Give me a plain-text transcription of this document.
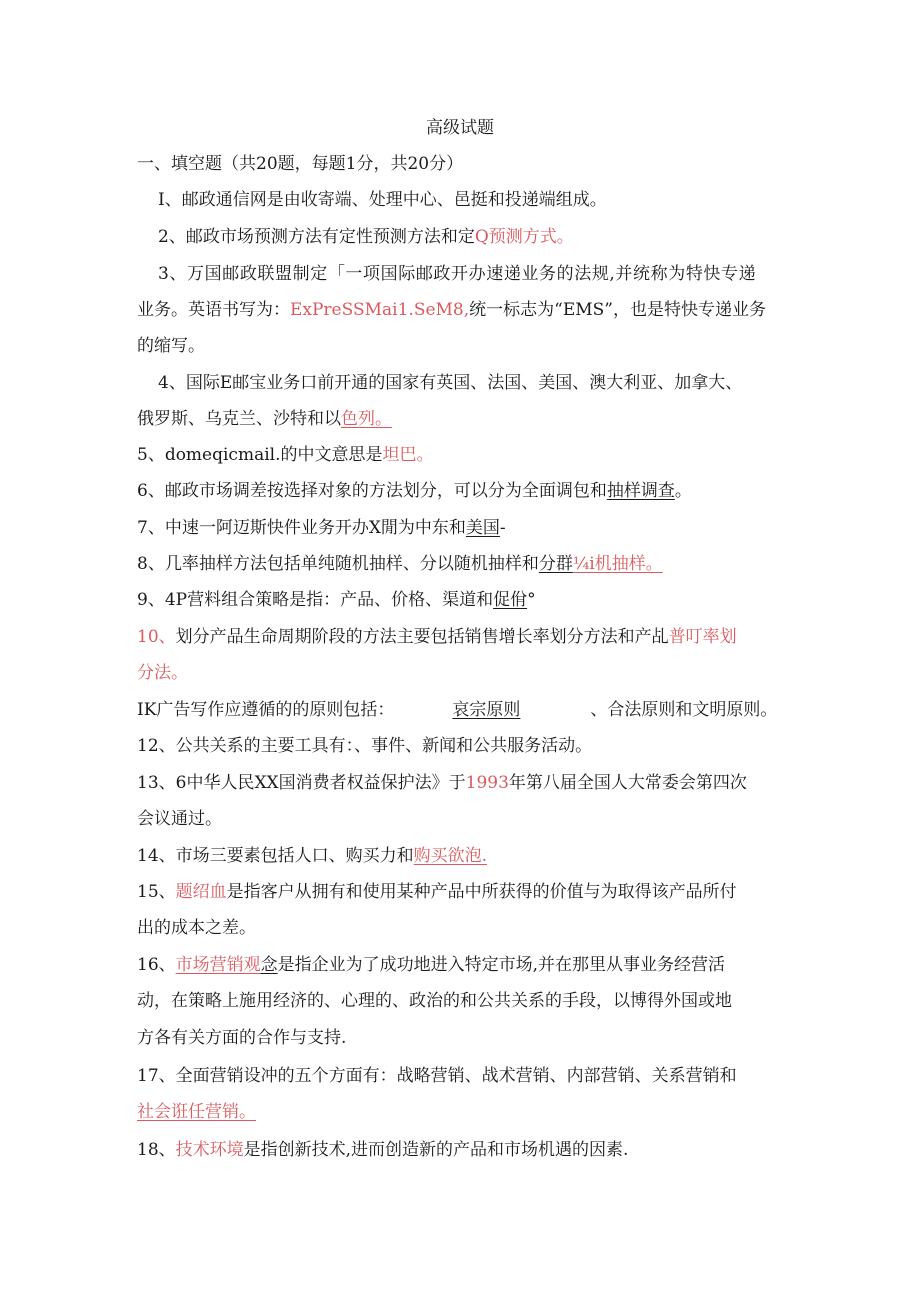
高级试题
一、填空题（共20题，每题1分，共20分）
I、邮政通信网是由收寄端、处理中心、邑挺和投递端组成。
2、邮政市场预测方法有定性预测方法和定Q预测方式。
3、万国邮政联盟制定「一项国际邮政开办速递业务的法规,并统称为特快专递
业务。英语书写为：ExPreSSMai1.SeM8,统一标志为“EMS”，也是特快专递业务
的缩写。
4、国际E邮宝业务口前开通的国家有英国、法国、美国、澳大利亚、加拿大、
俄罗斯、乌克兰、沙特和以色列。
5、domeqicmail.的中文意思是坦巴。
6、邮政市场调差按选择对象的方法划分，可以分为全面调包和抽样调查。
7、中速一阿迈斯快件业务开办X閒为中东和美国-
8、几率抽样方法包括单纯随机抽样、分以随机抽样和分群¼i机抽样。
9、4P营料组合策略是指：产品、价格、渠道和促佾°
10、划分产品生命周期阶段的方法主要包括销售增长率划分方法和产乩普叮率划
分法。
IK广告写作应遵循的的原则包括：	哀宗原则	、合法原则和文明原则。
12、公共关系的主要工具有：、事件、新闻和公共服务活动。
13、6中华人民XX国消费者权益保护法》于1993年第八届全国人大常委会第四次
会议通过。
14、市场三要素包括人口、购买力和购买欲泡.
15、题绍血是指客户从拥有和使用某种产品中所获得的价值与为取得该产品所付
出的成本之差。
16、市场营销观念是指企业为了成功地进入特定市场,并在那里从事业务经营活
动，在策略上施用经济的、心理的、政治的和公共关系的手段，以博得外国或地
方各有关方面的合作与支持.
17、全面营销设冲的五个方面有：战略营销、战术营销、内部营销、关系营销和
社会诳任营销。
18、技术环境是指创新技术,进而创造新的产品和市场机遇的因素.
